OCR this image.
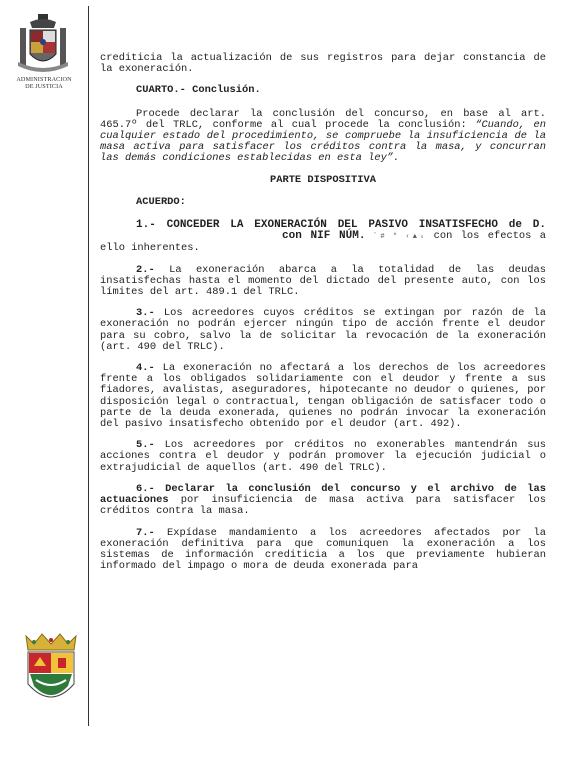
ADMINISTRACION
DE JUSTICIA

crediticia la actualización de sus registros para dejar constancia de la exoneración.

CUARTO.- Conclusión.

Procede declarar la conclusión del concurso, en base al art. 465.7º del TRLC, conforme al cual procede la conclusión: “Cuando, en cualquier estado del procedimiento, se compruebe la insuficiencia de la masa activa para satisfacer los créditos contra la masa, y concurran las demás condiciones establecidas en esta ley”.

PARTE DISPOSITIVA
ACUERDO:

1.- CONCEDER LA EXONERACIÓN DEL PASIVO INSATISFECHO de D. con NIF NÚM. ﾞ# * ‹▲ₛ con los efectos a ello inherentes.

2.- La exoneración abarca a la totalidad de las deudas insatisfechas hasta el momento del dictado del presente auto, con los límites del art. 489.1 del TRLC.

3.- Los acreedores cuyos créditos se extingan por razón de la exoneración no podrán ejercer ningún tipo de acción frente el deudor para su cobro, salvo la de solicitar la revocación de la exoneración (art. 490 del TRLC).

4.- La exoneración no afectará a los derechos de los acreedores frente a los obligados solidariamente con el deudor y frente a sus fiadores, avalistas, aseguradores, hipotecante no deudor o quienes, por disposición legal o contractual, tengan obligación de satisfacer todo o parte de la deuda exonerada, quienes no podrán invocar la exoneración del pasivo insatisfecho obtenido por el deudor (art. 492).

5.- Los acreedores por créditos no exonerables mantendrán sus acciones contra el deudor y podrán promover la ejecución judicial o extrajudicial de aquellos (art. 490 del TRLC).

6.- Declarar la conclusión del concurso y el archivo de las actuaciones por insuficiencia de masa activa para satisfacer los créditos contra la masa.

7.- Expídase mandamiento a los acreedores afectados por la exoneración definitiva para que comuniquen la exoneración a los sistemas de información crediticia a los que previamente hubieran informado del impago o mora de deuda exonerada para
